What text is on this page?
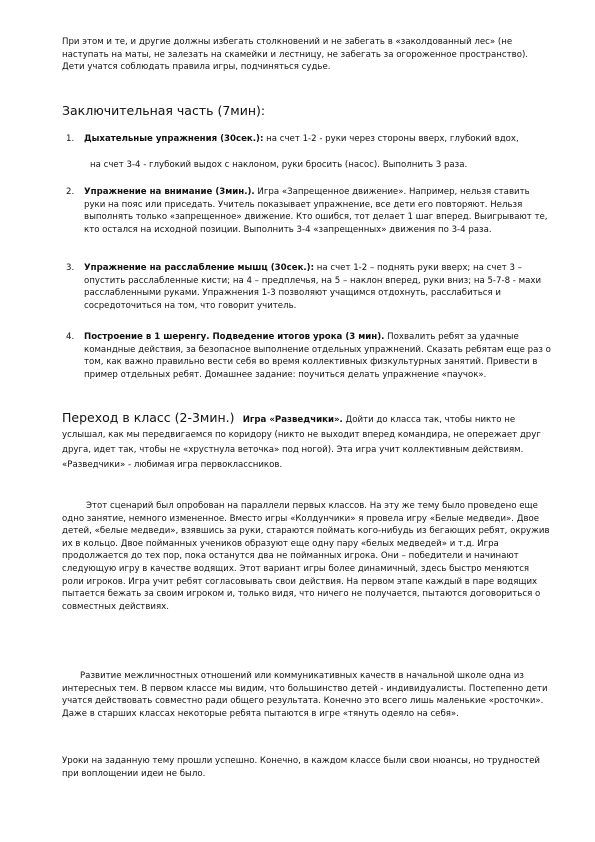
При этом и те, и другие должны избегать столкновений и не забегать в «заколдованный лес» (не наступать на маты, не залезать на скамейки и лестницу, не забегать за огороженное пространство). Дети учатся соблюдать правила игры, подчиняться судье.

Заключительная часть (7мин):

1.	Дыхательные упражнения (30сек.): на счет 1-2 - руки через стороны вверх, глубокий вдох,

на счет 3-4 - глубокий выдох с наклоном, руки бросить (насос). Выполнить 3 раза.

2.	Упражнение на внимание (3мин.). Игра «Запрещенное движение». Например, нельзя ставить руки на пояс или приседать. Учитель показывает упражнение, все дети его повторяют. Нельзя выполнять только «запрещенное» движение. Кто ошибся, тот делает 1 шаг вперед. Выигрывают те, кто остался на исходной позиции. Выполнить 3-4 «запрещенных» движения по 3-4 раза.

3.	Упражнение на расслабление мышц (30сек.): на счет 1-2 – поднять руки вверх; на счет 3 – опустить расслабленные кисти; на 4 – предплечья, на 5 – наклон вперед, руки вниз; на 5-7-8 - махи расслабленными руками. Упражнения 1-3 позволяют учащимся отдохнуть, расслабиться и сосредоточиться на том, что говорит учитель.

4.	Построение в 1 шеренгу. Подведение итогов урока (3 мин). Похвалить ребят за удачные командные действия, за безопасное выполнение отдельных упражнений. Сказать ребятам еще раз о том, как важно правильно вести себя во время коллективных физкультурных занятий. Привести в пример отдельных ребят. Домашнее задание: поучиться делать упражнение «паучок».

Переход в класс (2-3мин.) Игра «Разведчики». Дойти до класса так, чтобы никто не услышал, как мы передвигаемся по коридору (никто не выходит вперед командира, не опережает друг друга, идет так, чтобы не «хрустнула веточка» под ногой). Эта игра учит коллективным действиям. «Разведчики» - любимая игра первоклассников.

Этот сценарий был опробован на параллели первых классов. На эту же тему было проведено еще одно занятие, немного измененное. Вместо игры «Колдунчики» я провела игру «Белые медведи». Двое детей, «белые медведи», взявшись за руки, стараются поймать кого-нибудь из бегающих ребят, окружив их в кольцо. Двое пойманных учеников образуют еще одну пару «белых медведей» и т.д. Игра продолжается до тех пор, пока останутся два не пойманных игрока. Они – победители и начинают следующую игру в качестве водящих. Этот вариант игры более динамичный, здесь быстро меняются роли игроков. Игра учит ребят согласовывать свои действия. На первом этапе каждый в паре водящих пытается бежать за своим игроком и, только видя, что ничего не получается, пытаются договориться о совместных действиях.

Развитие межличностных отношений или коммуникативных качеств в начальной школе одна из интересных тем. В первом классе мы видим, что большинство детей - индивидуалисты. Постепенно дети учатся действовать совместно ради общего результата. Конечно это всего лишь маленькие «росточки». Даже в старших классах некоторые ребята пытаются в игре «тянуть одеяло на себя».

Уроки на заданную тему прошли успешно. Конечно, в каждом классе были свои нюансы, но трудностей при воплощении идеи не было.
